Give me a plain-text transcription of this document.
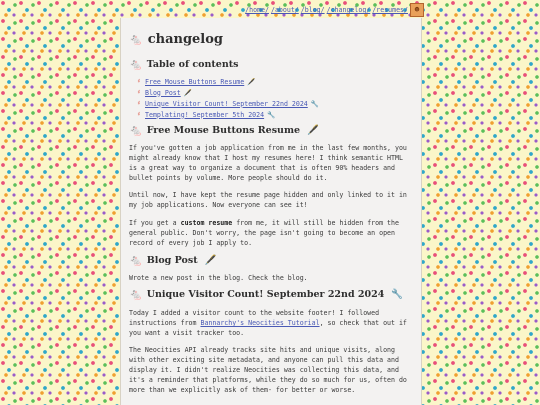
/home/ /about/ /blog/ /changelog/ /resumes/ ☻
🐁 changelog
🐁 Table of contents
♯ Free Mouse Buttons Resume 🖋️
♯ Blog Post 🖋️
♯ Unique Visitor Count! September 22nd 2024 🔧
♯ Templating! September 5th 2024 🔧
🐁 Free Mouse Buttons Resume 🖋️

If you've gotten a job application from me in the last few months, you might already know that I host my resumes here! I think semantic HTML is a great way to organize a document that is often 90% headers and bullet points by volume. More people should do it.

Until now, I have kept the resume page hidden and only linked to it in my job applications. Now everyone can see it!

If you get a custom resume from me, it will still be hidden from the general public. Don't worry, the page isn't going to become an open record of every job I apply to.

🐁 Blog Post 🖋️

Wrote a new post in the blog. Check the blog.

🐁 Unique Visitor Count! September 22nd 2024 🔧

Today I added a visitor count to the website footer! I followed instructions from Bannarchy's Neocities Tutorial, so check that out if you want a visit tracker too.

The Neocities API already tracks site hits and unique visits, along with other exciting site metadata, and anyone can pull this data and display it. I didn't realize Neocities was collecting this data, and it's a reminder that platforms, while they do so much for us, often do more than we explicitly ask of them- for better or worse.
